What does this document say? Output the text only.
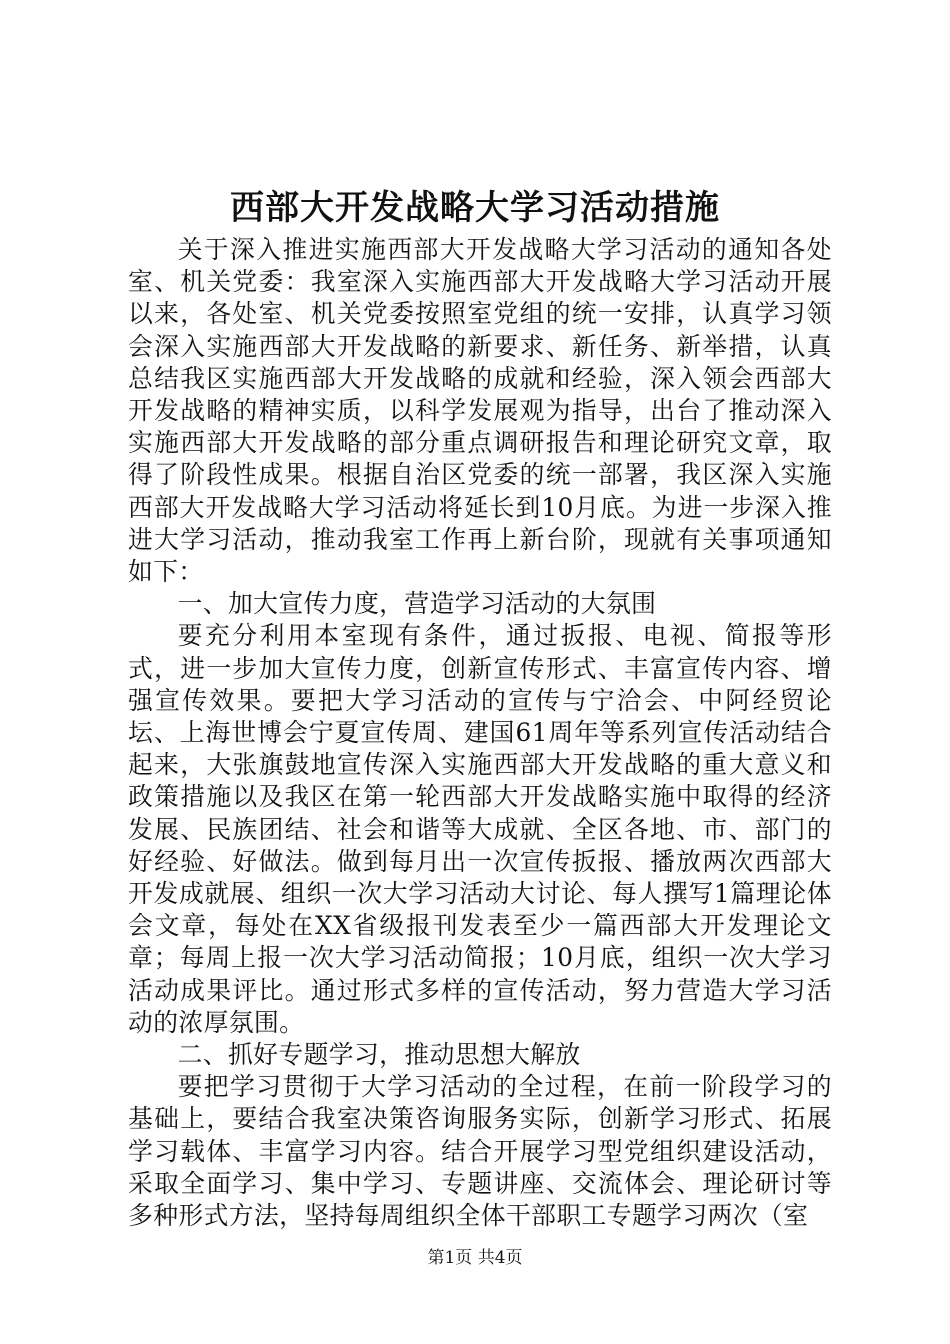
西部大开发战略大学习活动措施

关于深入推进实施西部大开发战略大学习活动的通知各处室、机关党委：我室深入实施西部大开发战略大学习活动开展以来，各处室、机关党委按照室党组的统一安排，认真学习领会深入实施西部大开发战略的新要求、新任务、新举措，认真总结我区实施西部大开发战略的成就和经验，深入领会西部大开发战略的精神实质，以科学发展观为指导，出台了推动深入实施西部大开发战略的部分重点调研报告和理论研究文章，取得了阶段性成果。根据自治区党委的统一部署，我区深入实施西部大开发战略大学习活动将延长到10月底。为进一步深入推进大学习活动，推动我室工作再上新台阶，现就有关事项通知如下：

一、加大宣传力度，营造学习活动的大氛围

要充分利用本室现有条件，通过扳报、电视、简报等形式，进一步加大宣传力度，创新宣传形式、丰富宣传内容、增强宣传效果。要把大学习活动的宣传与宁洽会、中阿经贸论坛、上海世博会宁夏宣传周、建国61周年等系列宣传活动结合起来，大张旗鼓地宣传深入实施西部大开发战略的重大意义和政策措施以及我区在第一轮西部大开发战略实施中取得的经济发展、民族团结、社会和谐等大成就、全区各地、市、部门的好经验、好做法。做到每月出一次宣传扳报、播放两次西部大开发成就展、组织一次大学习活动大讨论、每人撰写1篇理论体会文章，每处在XX省级报刊发表至少一篇西部大开发理论文章；每周上报一次大学习活动简报；10月底，组织一次大学习活动成果评比。通过形式多样的宣传活动，努力营造大学习活动的浓厚氛围。

二、抓好专题学习，推动思想大解放

要把学习贯彻于大学习活动的全过程，在前一阶段学习的基础上，要结合我室决策咨询服务实际，创新学习形式、拓展学习载体、丰富学习内容。结合开展学习型党组织建设活动，采取全面学习、集中学习、专题讲座、交流体会、理论研讨等多种形式方法，坚持每周组织全体干部职工专题学习两次（室

第1页 共4页
